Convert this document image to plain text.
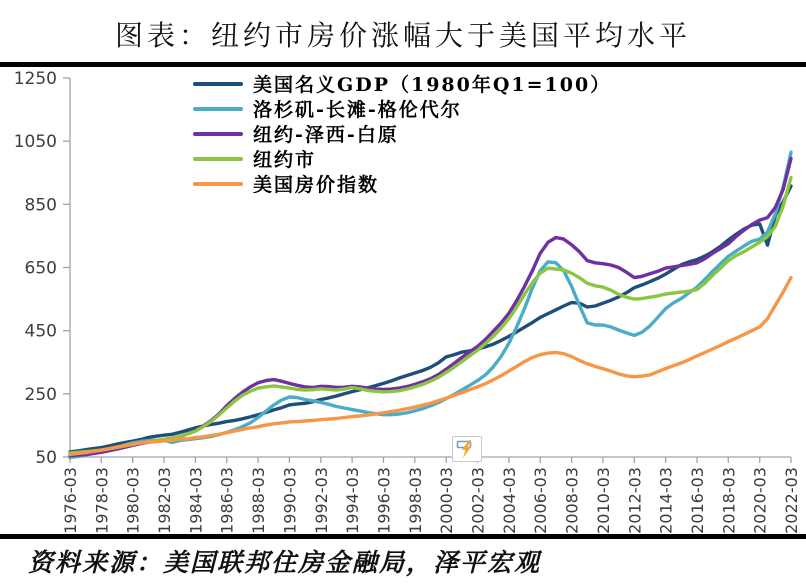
图表：纽约市房价涨幅大于美国平均水平
50
250
450
650
850
1050
1250
1976-03 1978-03 1980-03 1982-03 1984-03 1986-03 1988-03 1990-03 1992-03 1994-03 1996-03 1998-03 2000-03 2002-03 2004-03 2006-03 2008-03 2010-03 2012-03 2014-03 2016-03 2018-03 2020-03 2022-03
美国名义GDP（1980年Q1=100）
洛杉矶-长滩-格伦代尔
纽约-泽西-白原
纽约市
美国房价指数
资料来源：美国联邦住房金融局，泽平宏观
